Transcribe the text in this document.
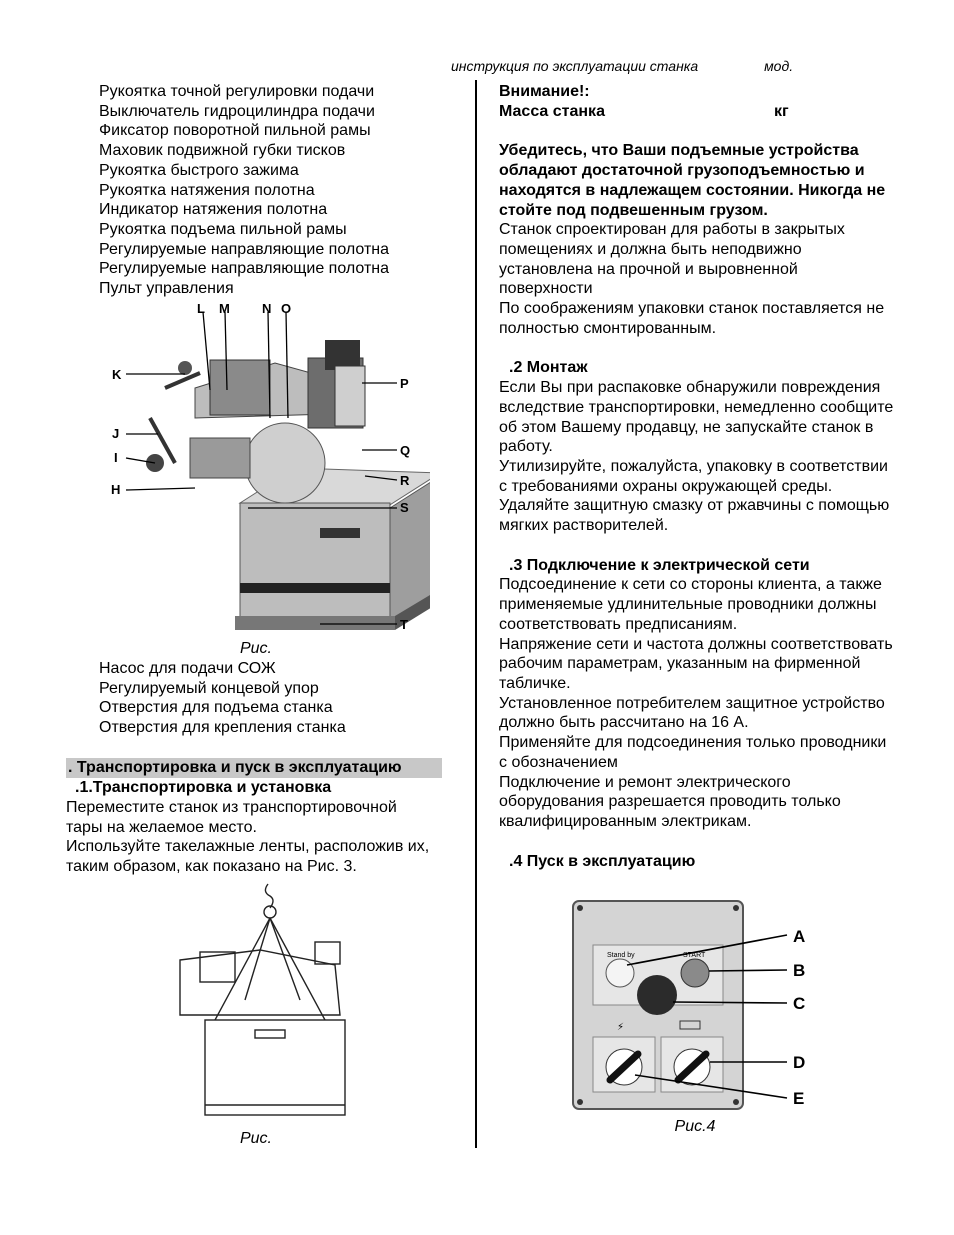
инструкция по эксплуатации станка	мод.
Рукоятка точной регулировки подачи
Выключатель гидроцилиндра подачи
Фиксатор поворотной пильной рамы
Маховик подвижной губки тисков
Рукоятка быстрого зажима
Рукоятка натяжения полотна
Индикатор натяжения полотна
Рукоятка подъема пильной рамы
Регулируемые направляющие полотна
Регулируемые направляющие полотна
Пульт управления
L M N O
K
P
J
Q
I
R
H
S
T
Рис.
Насос для подачи СОЖ
Регулируемый концевой упор
Отверстия для подъема станка
Отверстия для крепления станка
. Транспортировка и пуск в эксплуатацию
.1.Транспортировка и установка
Переместите станок из транспортировочной тары на желаемое место.
Используйте такелажные ленты, расположив их, таким образом, как показано на Рис. 3.
Рис.

Внимание!:

Масса станка	кг

Убедитесь, что Ваши подъемные устройства обладают достаточной грузоподъемностью и находятся в надлежащем состоянии. Никогда не стойте под подвешенным грузом.

Станок спроектирован для работы в закрытых помещениях и должна быть неподвижно установлена на прочной и выровненной поверхности

По соображениям упаковки станок поставляется не полностью смонтированным.

.2 Монтаж

Если Вы при распаковке обнаружили повреждения вследствие транспортировки, немедленно сообщите об этом Вашему продавцу, не запускайте станок в работу.

Утилизируйте, пожалуйста, упаковку в соответствии с требованиями охраны окружающей среды.

Удаляйте защитную смазку от ржавчины с помощью мягких растворителей.

.3 Подключение к электрической сети

Подсоединение к сети со стороны клиента, а также применяемые удлинительные проводники должны соответствовать предписаниям.

Напряжение сети и частота должны соответствовать рабочим параметрам, указанным на фирменной табличке.

Установленное потребителем защитное устройство должно быть рассчитано на 16 А.

Применяйте для подсоединения только проводники с обозначением

Подключение и ремонт электрического оборудования разрешается проводить только квалифицированным электрикам.

.4 Пуск в эксплуатацию

Stand by	START
⚡
A
B
C
D
E
Рис.4
